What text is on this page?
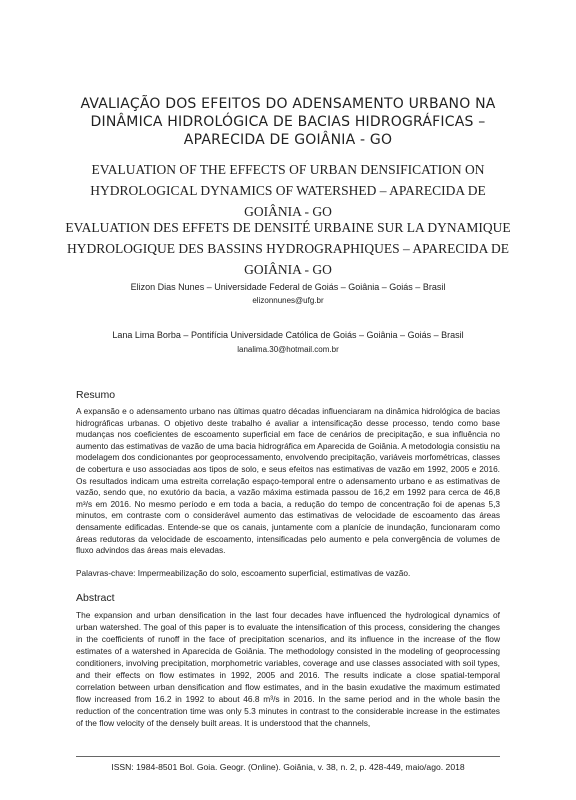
AVALIAÇÃO DOS EFEITOS DO ADENSAMENTO URBANO NA DINÂMICA HIDROLÓGICA DE BACIAS HIDROGRÁFICAS – APARECIDA DE GOIÂNIA - GO
EVALUATION OF THE EFFECTS OF URBAN DENSIFICATION ON HYDROLOGICAL DYNAMICS OF WATERSHED – APARECIDA DE GOIÂNIA - GO
EVALUATION DES EFFETS DE DENSITÉ URBAINE SUR LA DYNAMIQUE HYDROLOGIQUE DES BASSINS HYDROGRAPHIQUES – APARECIDA DE GOIÂNIA - GO
Elizon Dias Nunes – Universidade Federal de Goiás – Goiânia – Goiás – Brasil
elizonnunes@ufg.br
Lana Lima Borba – Pontifícia Universidade Católica de Goiás – Goiânia – Goiás – Brasil
lanalima.30@hotmail.com.br
Resumo

A expansão e o adensamento urbano nas últimas quatro décadas influenciaram na dinâmica hidrológica de bacias hidrográficas urbanas. O objetivo deste trabalho é avaliar a intensificação desse processo, tendo como base mudanças nos coeficientes de escoamento superficial em face de cenários de precipitação, e sua influência no aumento das estimativas de vazão de uma bacia hidrográfica em Aparecida de Goiânia. A metodologia consistiu na modelagem dos condicionantes por geoprocessamento, envolvendo precipitação, variáveis morfométricas, classes de cobertura e uso associadas aos tipos de solo, e seus efeitos nas estimativas de vazão em 1992, 2005 e 2016. Os resultados indicam uma estreita correlação espaço-temporal entre o adensamento urbano e as estimativas de vazão, sendo que, no exutório da bacia, a vazão máxima estimada passou de 16,2 em 1992 para cerca de 46,8 m³/s em 2016. No mesmo período e em toda a bacia, a redução do tempo de concentração foi de apenas 5,3 minutos, em contraste com o considerável aumento das estimativas de velocidade de escoamento das áreas densamente edificadas. Entende-se que os canais, juntamente com a planície de inundação, funcionaram como áreas redutoras da velocidade de escoamento, intensificadas pelo aumento e pela convergência de volumes de fluxo advindos das áreas mais elevadas.

Palavras-chave: Impermeabilização do solo, escoamento superficial, estimativas de vazão.

Abstract

The expansion and urban densification in the last four decades have influenced the hydrological dynamics of urban watershed. The goal of this paper is to evaluate the intensification of this process, considering the changes in the coefficients of runoff in the face of precipitation scenarios, and its influence in the increase of the flow estimates of a watershed in Aparecida de Goiânia. The methodology consisted in the modeling of geoprocessing conditioners, involving precipitation, morphometric variables, coverage and use classes associated with soil types, and their effects on flow estimates in 1992, 2005 and 2016. The results indicate a close spatial-temporal correlation between urban densification and flow estimates, and in the basin exudative the maximum estimated flow increased from 16.2 in 1992 to about 46.8 m³/s in 2016. In the same period and in the whole basin the reduction of the concentration time was only 5.3 minutes in contrast to the considerable increase in the estimates of the flow velocity of the densely built areas. It is understood that the channels,

ISSN: 1984-8501 Bol. Goia. Geogr. (Online). Goiânia, v. 38, n. 2, p. 428-449, maio/ago. 2018
